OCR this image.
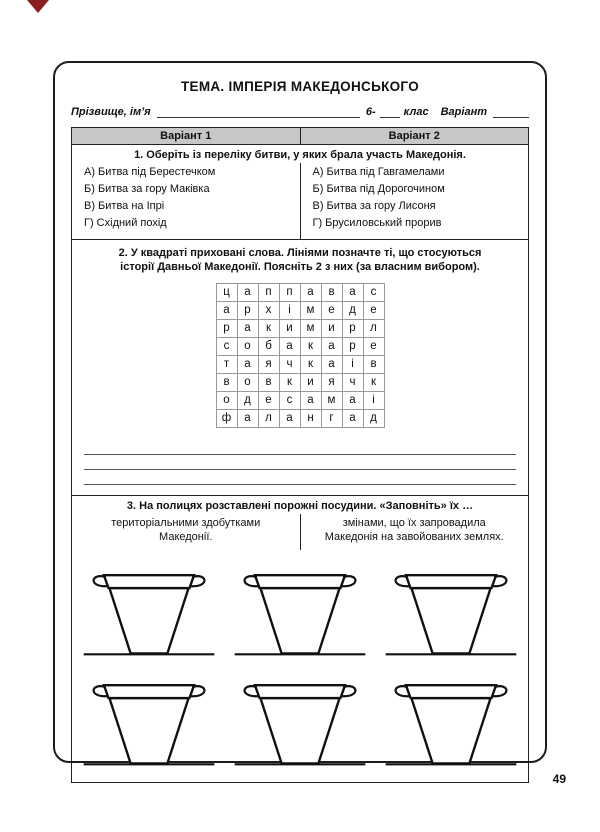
ТЕМА. ІМПЕРІЯ МАКЕДОНСЬКОГО
Прізвище, ім’я	6-	клас Варіант
Варіант 1	Варіант 2
1. Оберіть із переліку битви, у яких брала участь Македонія.
А) Битва під Берестечком
Б) Битва за гору Маківка
В) Битва на Іпрі
Г) Східний похід
А) Битва під Гавгамелами
Б) Битва під Дорогочином
В) Битва за гору Лисоня
Г) Брусиловський прорив
2. У квадраті приховані слова. Лініями позначте ті, що стосуються
історії Давньої Македонії. Поясніть 2 з них (за власним вибором).
ц	а	п	п	а	в	а	с
а	р	х	і	м	е	д	е
р	а	к	и	м	и	р	л
с	о	б	а	к	а	р	е
т	а	я	ч	к	а	і	в
в	о	в	к	и	я	ч	к
о	д	е	с	а	м	а	і
ф	а	л	а	н	г	а	д
3. На полицях розставлені порожні посудини. «Заповніть» їх …
територіальними здобутками Македонії.
змінами, що їх запровадила Македонія на завойованих землях.
49
